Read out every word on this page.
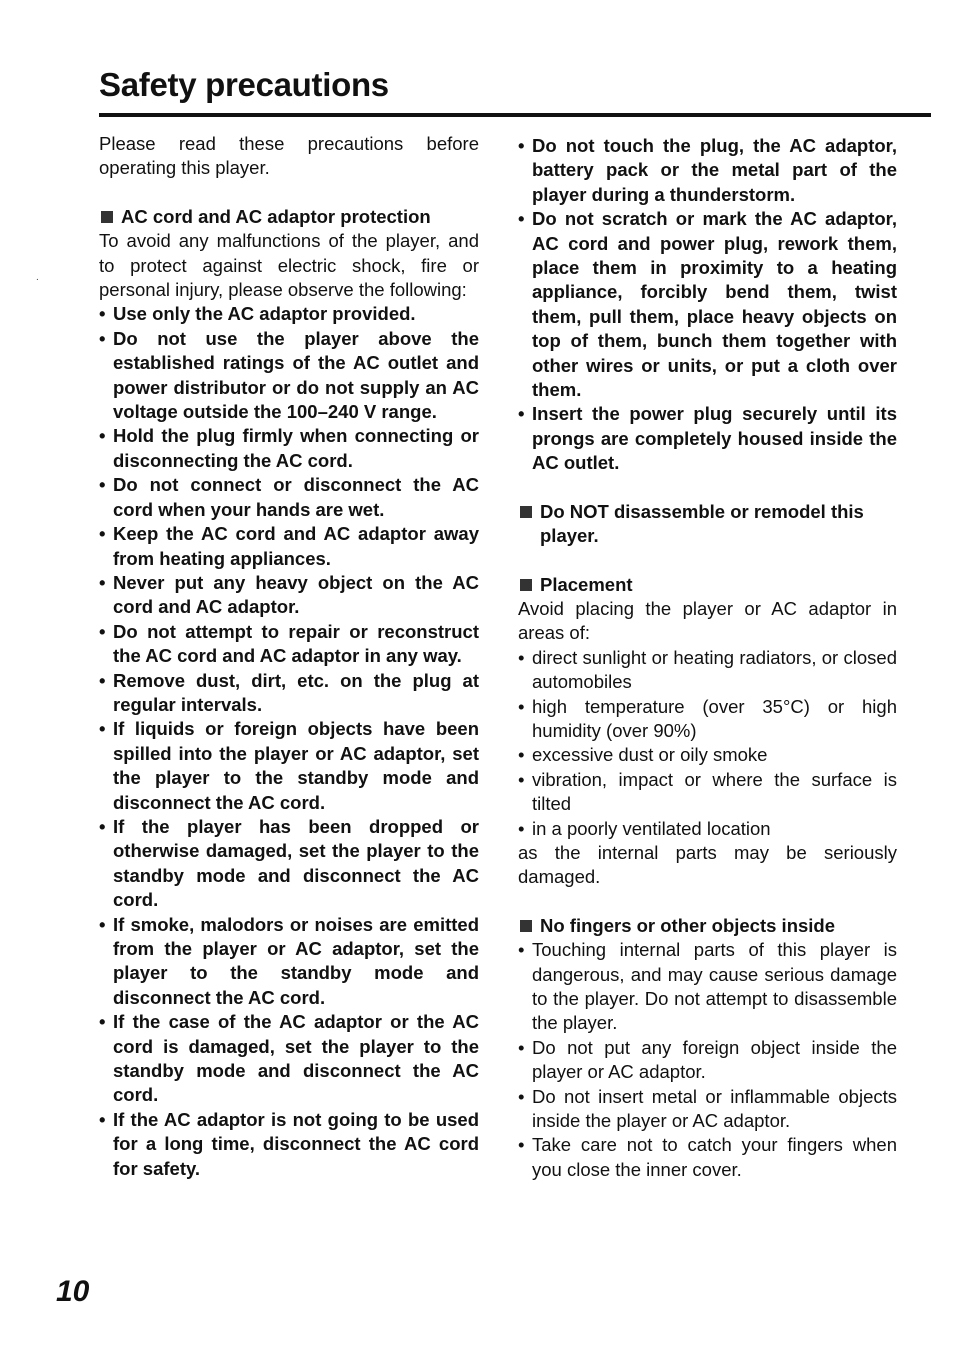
Safety precautions
.
Please read these precautions before operating this player.
AC cord and AC adaptor protection
To avoid any malfunctions of the player, and to protect against electric shock, fire or personal injury, please observe the following:
• Use only the AC adaptor provided.
• Do not use the player above the established ratings of the AC outlet and power distributor or do not supply an AC voltage outside the 100–240 V range.
• Hold the plug firmly when connecting or disconnecting the AC cord.
• Do not connect or disconnect the AC cord when your hands are wet.
• Keep the AC cord and AC adaptor away from heating appliances.
• Never put any heavy object on the AC cord and AC adaptor.
• Do not attempt to repair or reconstruct the AC cord and AC adaptor in any way.
• Remove dust, dirt, etc. on the plug at regular intervals.
• If liquids or foreign objects have been spilled into the player or AC adaptor, set the player to the standby mode and disconnect the AC cord.
• If the player has been dropped or otherwise damaged, set the player to the standby mode and disconnect the AC cord.
• If smoke, malodors or noises are emitted from the player or AC adaptor, set the player to the standby mode and disconnect the AC cord.
• If the case of the AC adaptor or the AC cord is damaged, set the player to the standby mode and disconnect the AC cord.
• If the AC adaptor is not going to be used for a long time, disconnect the AC cord for safety.
• Do not touch the plug, the AC adaptor, battery pack or the metal part of the player during a thunderstorm.
• Do not scratch or mark the AC adaptor, AC cord and power plug, rework them, place them in proximity to a heating appliance, forcibly bend them, twist them, pull them, place heavy objects on top of them, bunch them together with other wires or units, or put a cloth over them.
• Insert the power plug securely until its prongs are completely housed inside the AC outlet.
Do NOT disassemble or remodel this player.
Placement
Avoid placing the player or AC adaptor in areas of:
• direct sunlight or heating radiators, or closed automobiles
• high temperature (over 35°C) or high humidity (over 90%)
• excessive dust or oily smoke
• vibration, impact or where the surface is tilted
• in a poorly ventilated location
as the internal parts may be seriously damaged.
No fingers or other objects inside
• Touching internal parts of this player is dangerous, and may cause serious damage to the player. Do not attempt to disassemble the player.
• Do not put any foreign object inside the player or AC adaptor.
• Do not insert metal or inflammable objects inside the player or AC adaptor.
• Take care not to catch your fingers when you close the inner cover.
10
